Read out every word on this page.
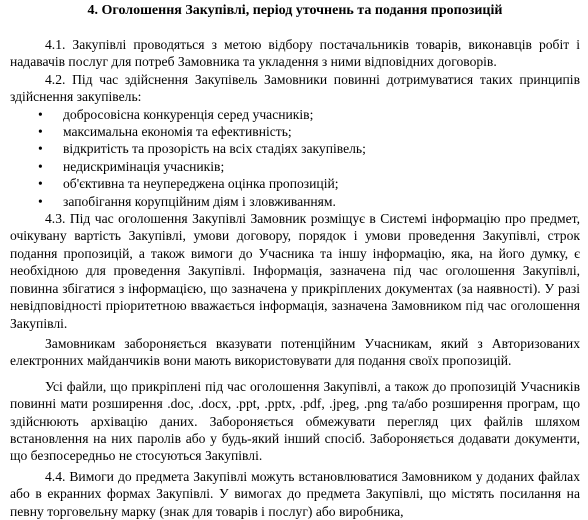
4. Оголошення Закупівлі, період уточнень та подання пропозицій

4.1. Закупівлі проводяться з метою відбору постачальників товарів, виконавців робіт і надавачів послуг для потреб Замовника та укладення з ними відповідних договорів.

4.2. Під час здійснення Закупівель Замовники повинні дотримуватися таких принципів здійснення закупівель:

• добросовісна конкуренція серед учасників;
• максимальна економія та ефективність;
• відкритість та прозорість на всіх стадіях закупівель;
• недискримінація учасників;
• об'єктивна та неупереджена оцінка пропозицій;
• запобігання корупційним діям і зловживанням.

4.3. Під час оголошення Закупівлі Замовник розміщує в Системі інформацію про предмет, очікувану вартість Закупівлі, умови договору, порядок і умови проведення Закупівлі, строк подання пропозицій, а також вимоги до Учасника та іншу інформацію, яка, на його думку, є необхідною для проведення Закупівлі. Інформація, зазначена під час оголошення Закупівлі, повинна збігатися з інформацією, що зазначена у прикріплених документах (за наявності). У разі невідповідності пріоритетною вважається інформація, зазначена Замовником під час оголошення Закупівлі.

Замовникам забороняється вказувати потенційним Учасникам, який з Авторизованих електронних майданчиків вони мають використовувати для подання своїх пропозицій.

Усі файли, що прикріплені під час оголошення Закупівлі, а також до пропозицій Учасників повинні мати розширення .doc, .docx, .ppt, .pptx, .pdf, .jpeg, .png та/або розширення програм, що здійснюють архівацію даних. Забороняється обмежувати перегляд цих файлів шляхом встановлення на них паролів або у будь-який інший спосіб. Забороняється додавати документи, що безпосередньо не стосуються Закупівлі.

4.4. Вимоги до предмета Закупівлі можуть встановлюватися Замовником у доданих файлах або в екранних формах Закупівлі. У вимогах до предмета Закупівлі, що містять посилання на певну торговельну марку (знак для товарів і послуг) або виробника,
